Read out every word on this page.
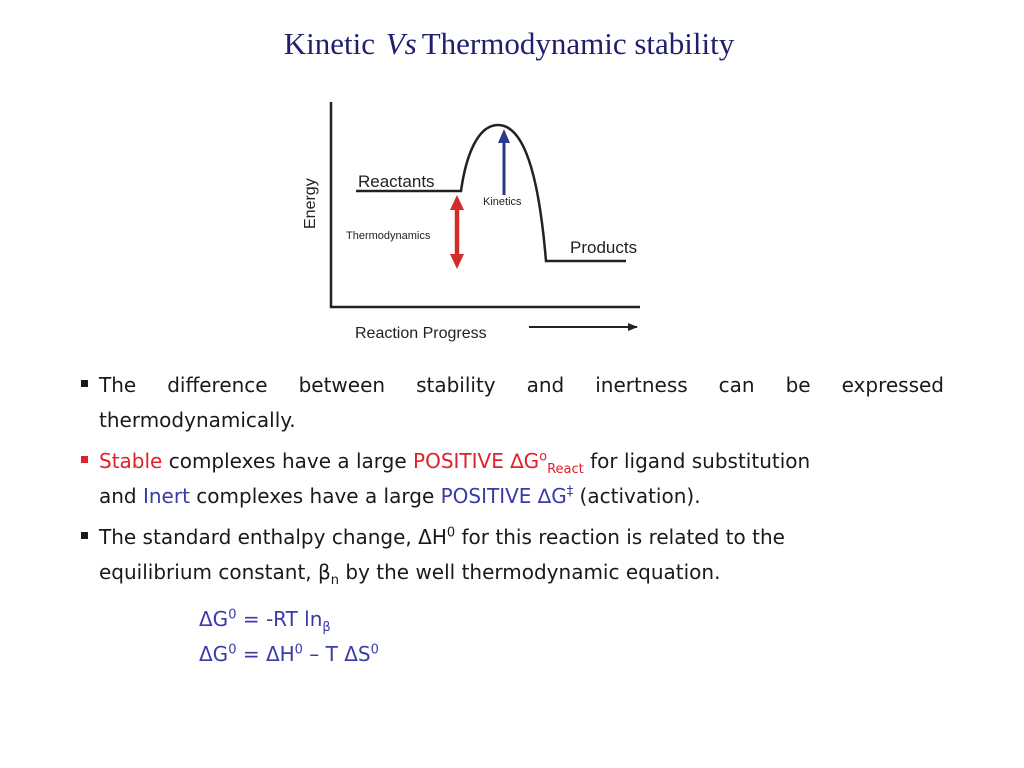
Kinetic Vs Thermodynamic stability
Energy
Reaction Progress
Reactants
Products
Kinetics
Thermodynamics
The difference between stability and inertness can be expressed
thermodynamically.
Stable complexes have a large POSITIVE $\Delta G^o_{React}$ for ligand substitution
and Inert complexes have a large POSITIVE ∆G‡ (activation).
The standard enthalpy change, $\Delta H^0$ for this reaction is related to the
equilibrium constant, $\beta_n$ by the well thermodynamic equation.
$\Delta G^0 = -RT$ $\ln_\beta$
$\Delta G^0 = \Delta H^0 - T$ $\Delta S^0$
